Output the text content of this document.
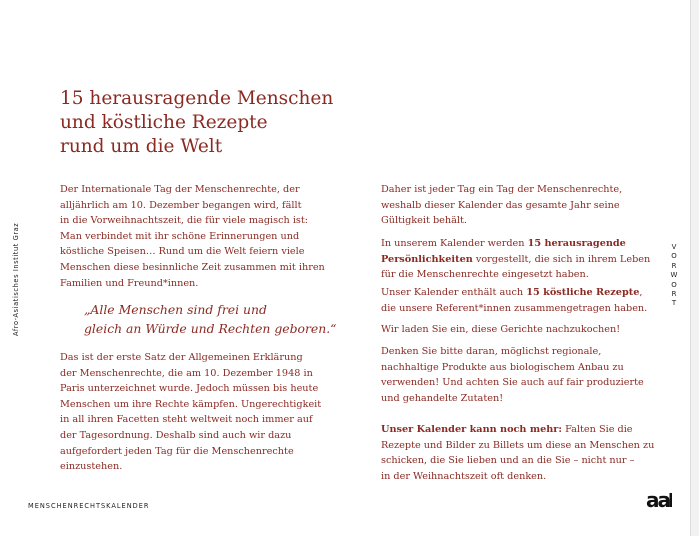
Afro-Asiatisches Institut Graz	V
O
R
W
O
R
T
15 herausragende Menschen
und köstliche Rezepte
rund um die Welt

Der Internationale Tag der Menschenrechte, der
alljährlich am 10. Dezember begangen wird, fällt
in die Vorweihnachtszeit, die für viele magisch ist:
Man verbindet mit ihr schöne Erinnerungen und
köstliche Speisen… Rund um die Welt feiern viele
Menschen diese besinnliche Zeit zusammen mit ihren
Familien und Freund*innen.

„Alle Menschen sind frei und
gleich an Würde und Rechten geboren.“

Das ist der erste Satz der Allgemeinen Erklärung
der Menschenrechte, die am 10. Dezember 1948 in
Paris unterzeichnet wurde. Jedoch müssen bis heute
Menschen um ihre Rechte kämpfen. Ungerechtigkeit
in all ihren Facetten steht weltweit noch immer auf
der Tagesordnung. Deshalb sind auch wir dazu
aufgefordert jeden Tag für die Menschenrechte
einzustehen.

Daher ist jeder Tag ein Tag der Menschenrechte,
weshalb dieser Kalender das gesamte Jahr seine
Gültigkeit behält.

In unserem Kalender werden 15 herausragende
Persönlichkeiten vorgestellt, die sich in ihrem Leben
für die Menschenrechte eingesetzt haben.

Unser Kalender enthält auch 15 köstliche Rezepte,
die unsere Referent*innen zusammengetragen haben.

Wir laden Sie ein, diese Gerichte nachzukochen!

Denken Sie bitte daran, möglichst regionale,
nachhaltige Produkte aus biologischem Anbau zu
verwenden! Und achten Sie auch auf fair produzierte
und gehandelte Zutaten!

Unser Kalender kann noch mehr: Falten Sie die
Rezepte und Bilder zu Billets um diese an Menschen zu
schicken, die Sie lieben und an die Sie – nicht nur –
in der Weihnachtszeit oft denken.

MENSCHENRECHTSKALENDER	aa
